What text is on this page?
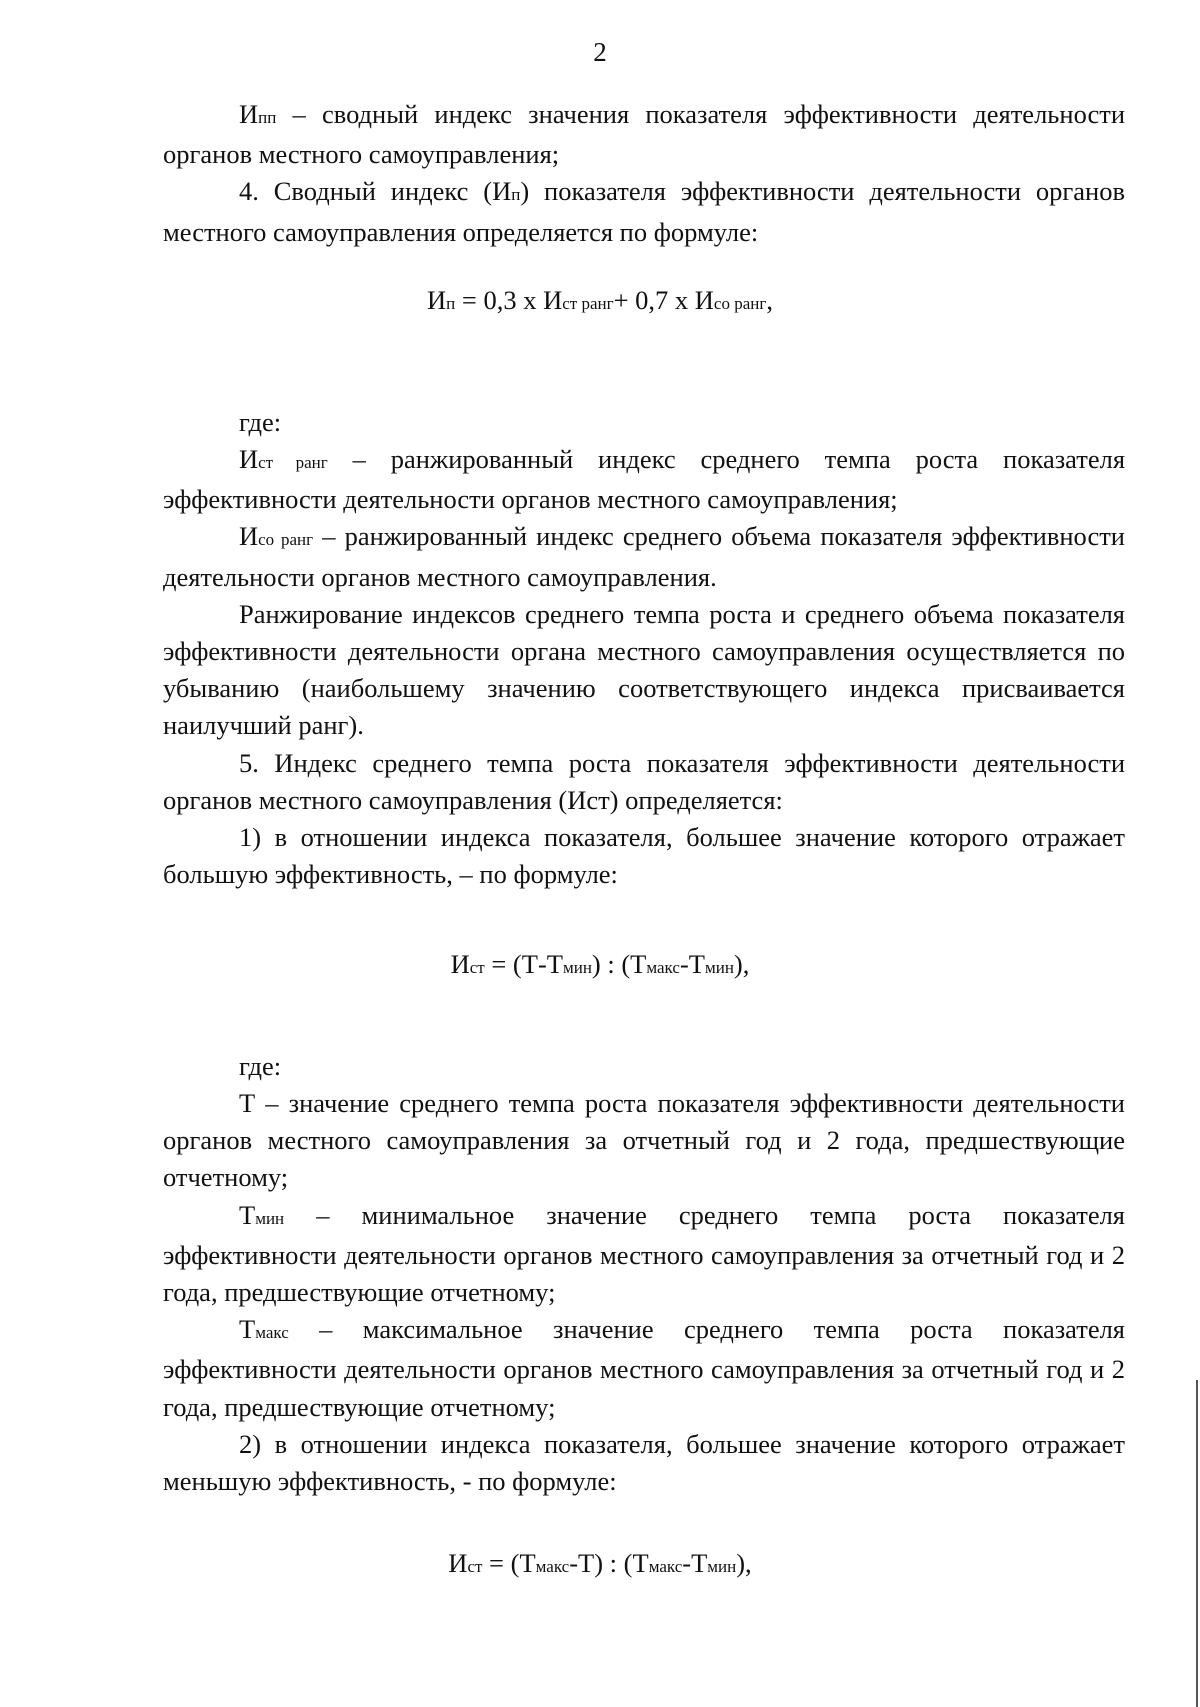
2

Ипп – сводный индекс значения показателя эффективности деятельности органов местного самоуправления;

4. Сводный индекс (Ип) показателя эффективности деятельности органов местного самоуправления определяется по формуле:

Ип = 0,3 х Ист ранг+ 0,7 х Исо ранг,
где:

Ист ранг – ранжированный индекс среднего темпа роста показателя эффективности деятельности органов местного самоуправления;

Исо ранг – ранжированный индекс среднего объема показателя эффективности деятельности органов местного самоуправления.

Ранжирование индексов среднего темпа роста и среднего объема показателя эффективности деятельности органа местного самоуправления осуществляется по убыванию (наибольшему значению соответствующего индекса присваивается наилучший ранг).

5. Индекс среднего темпа роста показателя эффективности деятельности органов местного самоуправления (Ист) определяется:

1) в отношении индекса показателя, большее значение которого отражает большую эффективность, – по формуле:

Ист = (Т-Тмин) : (Тмакс-Тмин),
где:

Т – значение среднего темпа роста показателя эффективности деятельности органов местного самоуправления за отчетный год и 2 года, предшествующие отчетному;

Тмин – минимальное значение среднего темпа роста показателя эффективности деятельности органов местного самоуправления за отчетный год и 2 года, предшествующие отчетному;

Тмакс – максимальное значение среднего темпа роста показателя эффективности деятельности органов местного самоуправления за отчетный год и 2 года, предшествующие отчетному;

2) в отношении индекса показателя, большее значение которого отражает меньшую эффективность, - по формуле:

Ист = (Тмакс-Т) : (Тмакс-Тмин),
